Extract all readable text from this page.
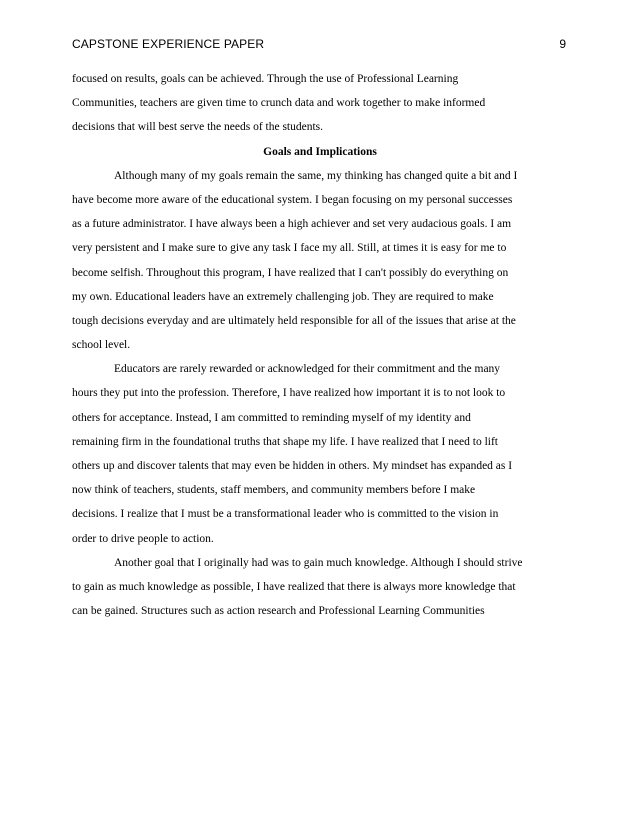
CAPSTONE EXPERIENCE PAPER	9
focused on results, goals can be achieved. Through the use of Professional Learning
Communities, teachers are given time to crunch data and work together to make informed
decisions that will best serve the needs of the students.
Goals and Implications
Although many of my goals remain the same, my thinking has changed quite a bit and I
have become more aware of the educational system. I began focusing on my personal successes
as a future administrator. I have always been a high achiever and set very audacious goals. I am
very persistent and I make sure to give any task I face my all. Still, at times it is easy for me to
become selfish. Throughout this program, I have realized that I can't possibly do everything on
my own. Educational leaders have an extremely challenging job. They are required to make
tough decisions everyday and are ultimately held responsible for all of the issues that arise at the
school level.
Educators are rarely rewarded or acknowledged for their commitment and the many
hours they put into the profession. Therefore, I have realized how important it is to not look to
others for acceptance. Instead, I am committed to reminding myself of my identity and
remaining firm in the foundational truths that shape my life. I have realized that I need to lift
others up and discover talents that may even be hidden in others. My mindset has expanded as I
now think of teachers, students, staff members, and community members before I make
decisions. I realize that I must be a transformational leader who is committed to the vision in
order to drive people to action.
Another goal that I originally had was to gain much knowledge. Although I should strive
to gain as much knowledge as possible, I have realized that there is always more knowledge that
can be gained. Structures such as action research and Professional Learning Communities
